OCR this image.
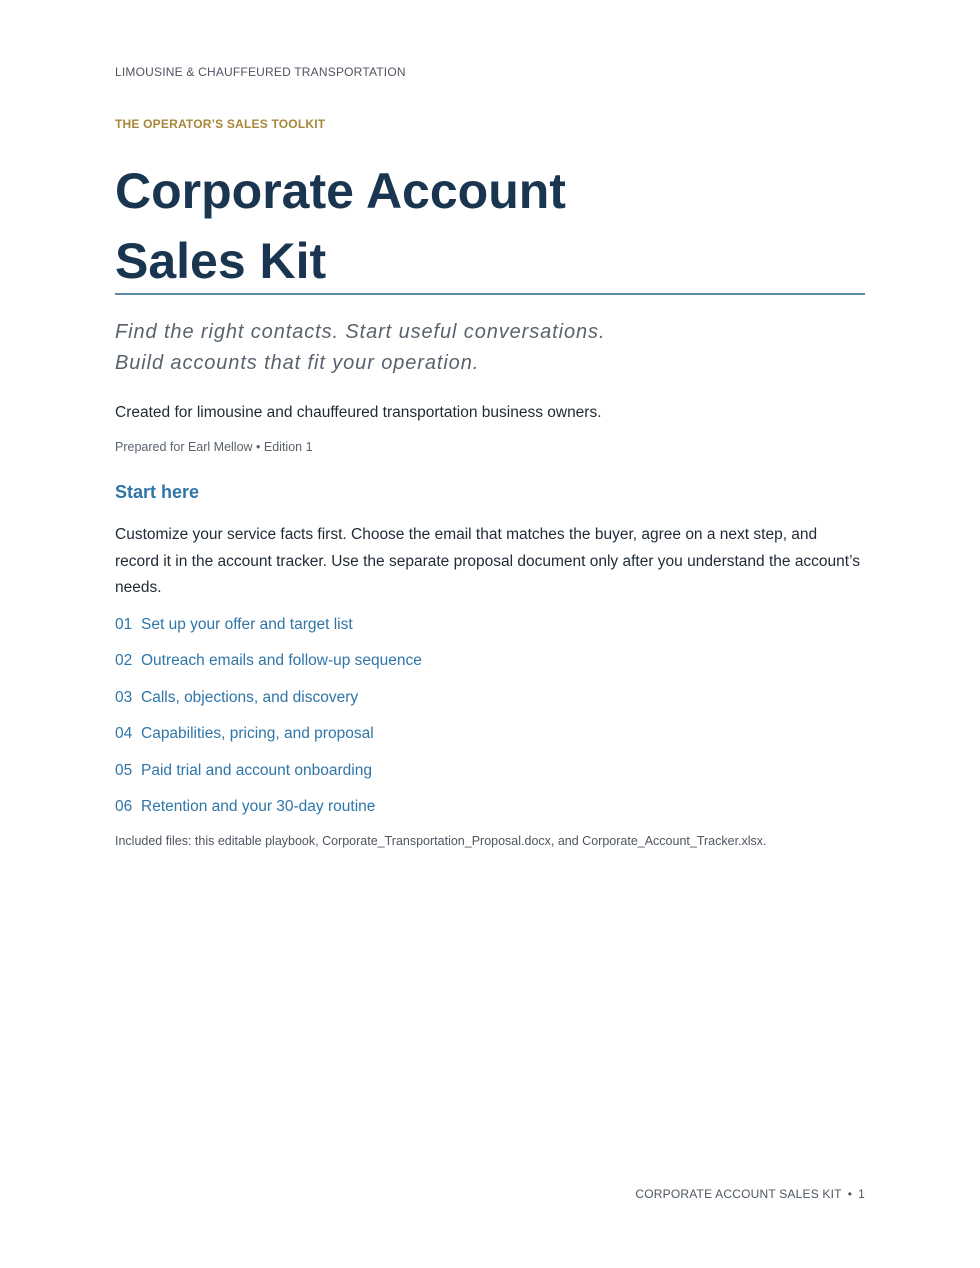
LIMOUSINE & CHAUFFEURED TRANSPORTATION
THE OPERATOR’S SALES TOOLKIT
Corporate Account
Sales Kit
Find the right contacts. Start useful conversations.
Build accounts that fit your operation.
Created for limousine and chauffeured transportation business owners.
Prepared for Earl Mellow • Edition 1
Start here

Customize your service facts first. Choose the email that matches the buyer, agree on a next step, and record it in the account tracker. Use the separate proposal document only after you understand the account’s needs.

01 Set up your offer and target list
02 Outreach emails and follow-up sequence
03 Calls, objections, and discovery
04 Capabilities, pricing, and proposal
05 Paid trial and account onboarding
06 Retention and your 30-day routine
Included files: this editable playbook, Corporate_Transportation_Proposal.docx, and Corporate_Account_Tracker.xlsx.
CORPORATE ACCOUNT SALES KIT • 1
